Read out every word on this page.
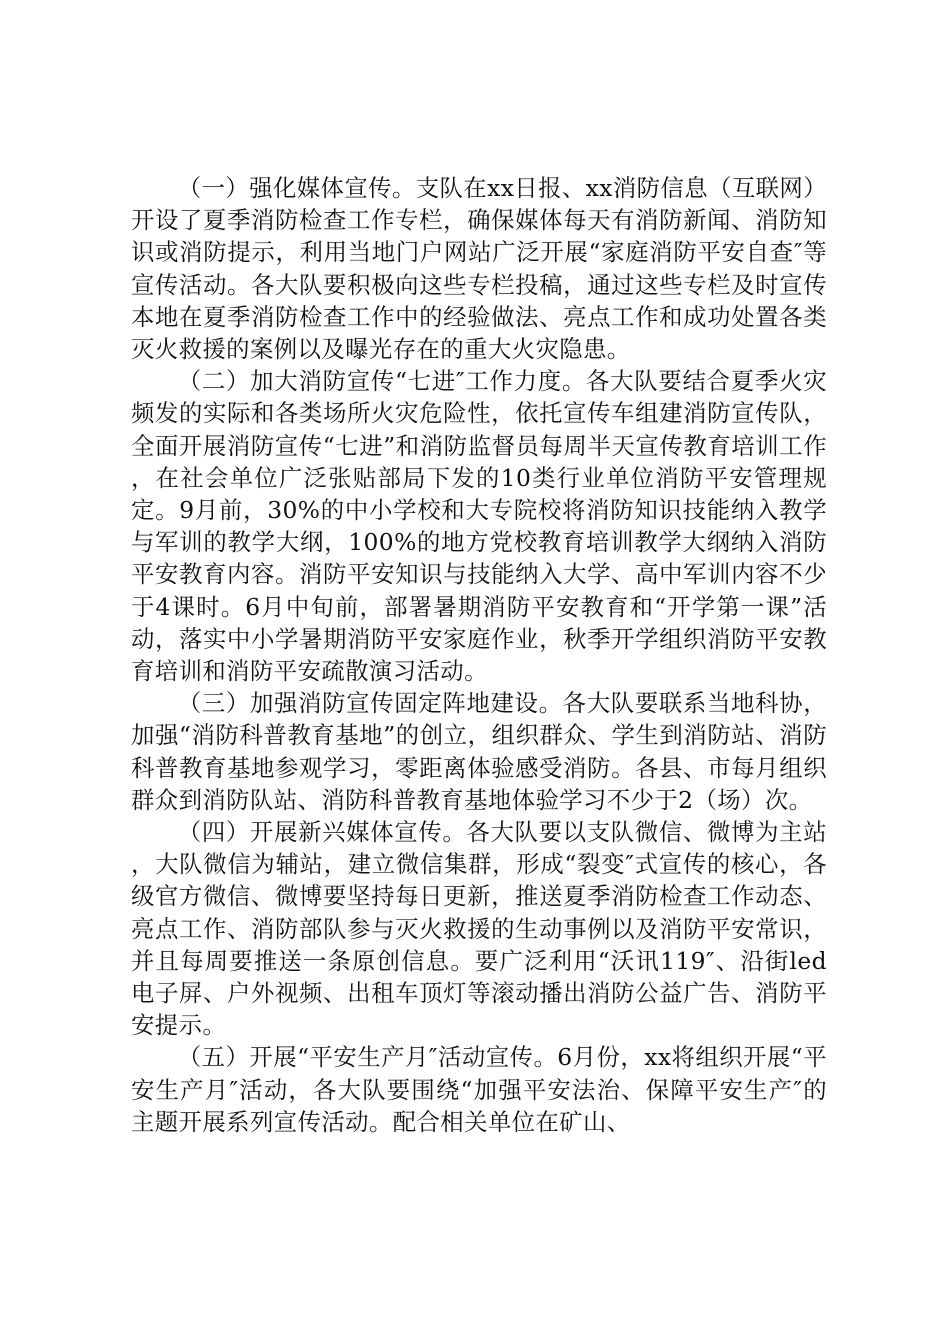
（一）强化媒体宣传。支队在xx日报、xx消防信息（互联网）开设了夏季消防检查工作专栏，确保媒体每天有消防新闻、消防知识或消防提示，利用当地门户网站广泛开展“家庭消防平安自查″等宣传活动。各大队要积极向这些专栏投稿，通过这些专栏及时宣传本地在夏季消防检查工作中的经验做法、亮点工作和成功处置各类灭火救援的案例以及曝光存在的重大火灾隐患。

（二）加大消防宣传“七进″工作力度。各大队要结合夏季火灾频发的实际和各类场所火灾危险性，依托宣传车组建消防宣传队，全面开展消防宣传“七进”和消防监督员每周半天宣传教育培训工作，在社会单位广泛张贴部局下发的10类行业单位消防平安管理规定。9月前，30%的中小学校和大专院校将消防知识技能纳入教学与军训的教学大纲，100%的地方党校教育培训教学大纲纳入消防平安教育内容。消防平安知识与技能纳入大学、高中军训内容不少于4课时。6月中旬前，部署暑期消防平安教育和“开学第一课”活动，落实中小学暑期消防平安家庭作业，秋季开学组织消防平安教育培训和消防平安疏散演习活动。

（三）加强消防宣传固定阵地建设。各大队要联系当地科协，加强“消防科普教育基地”的创立，组织群众、学生到消防站、消防科普教育基地参观学习，零距离体验感受消防。各县、市每月组织群众到消防队站、消防科普教育基地体验学习不少于2（场）次。

（四）开展新兴媒体宣传。各大队要以支队微信、微博为主站，大队微信为辅站，建立微信集群，形成“裂变″式宣传的核心，各级官方微信、微博要坚持每日更新，推送夏季消防检查工作动态、亮点工作、消防部队参与灭火救援的生动事例以及消防平安常识，并且每周要推送一条原创信息。要广泛利用“沃讯119″、沿街led电子屏、户外视频、出租车顶灯等滚动播出消防公益广告、消防平安提示。

（五）开展“平安生产月″活动宣传。6月份，xx将组织开展“平安生产月″活动，各大队要围绕“加强平安法治、保障平安生产″的主题开展系列宣传活动。配合相关单位在矿山、
